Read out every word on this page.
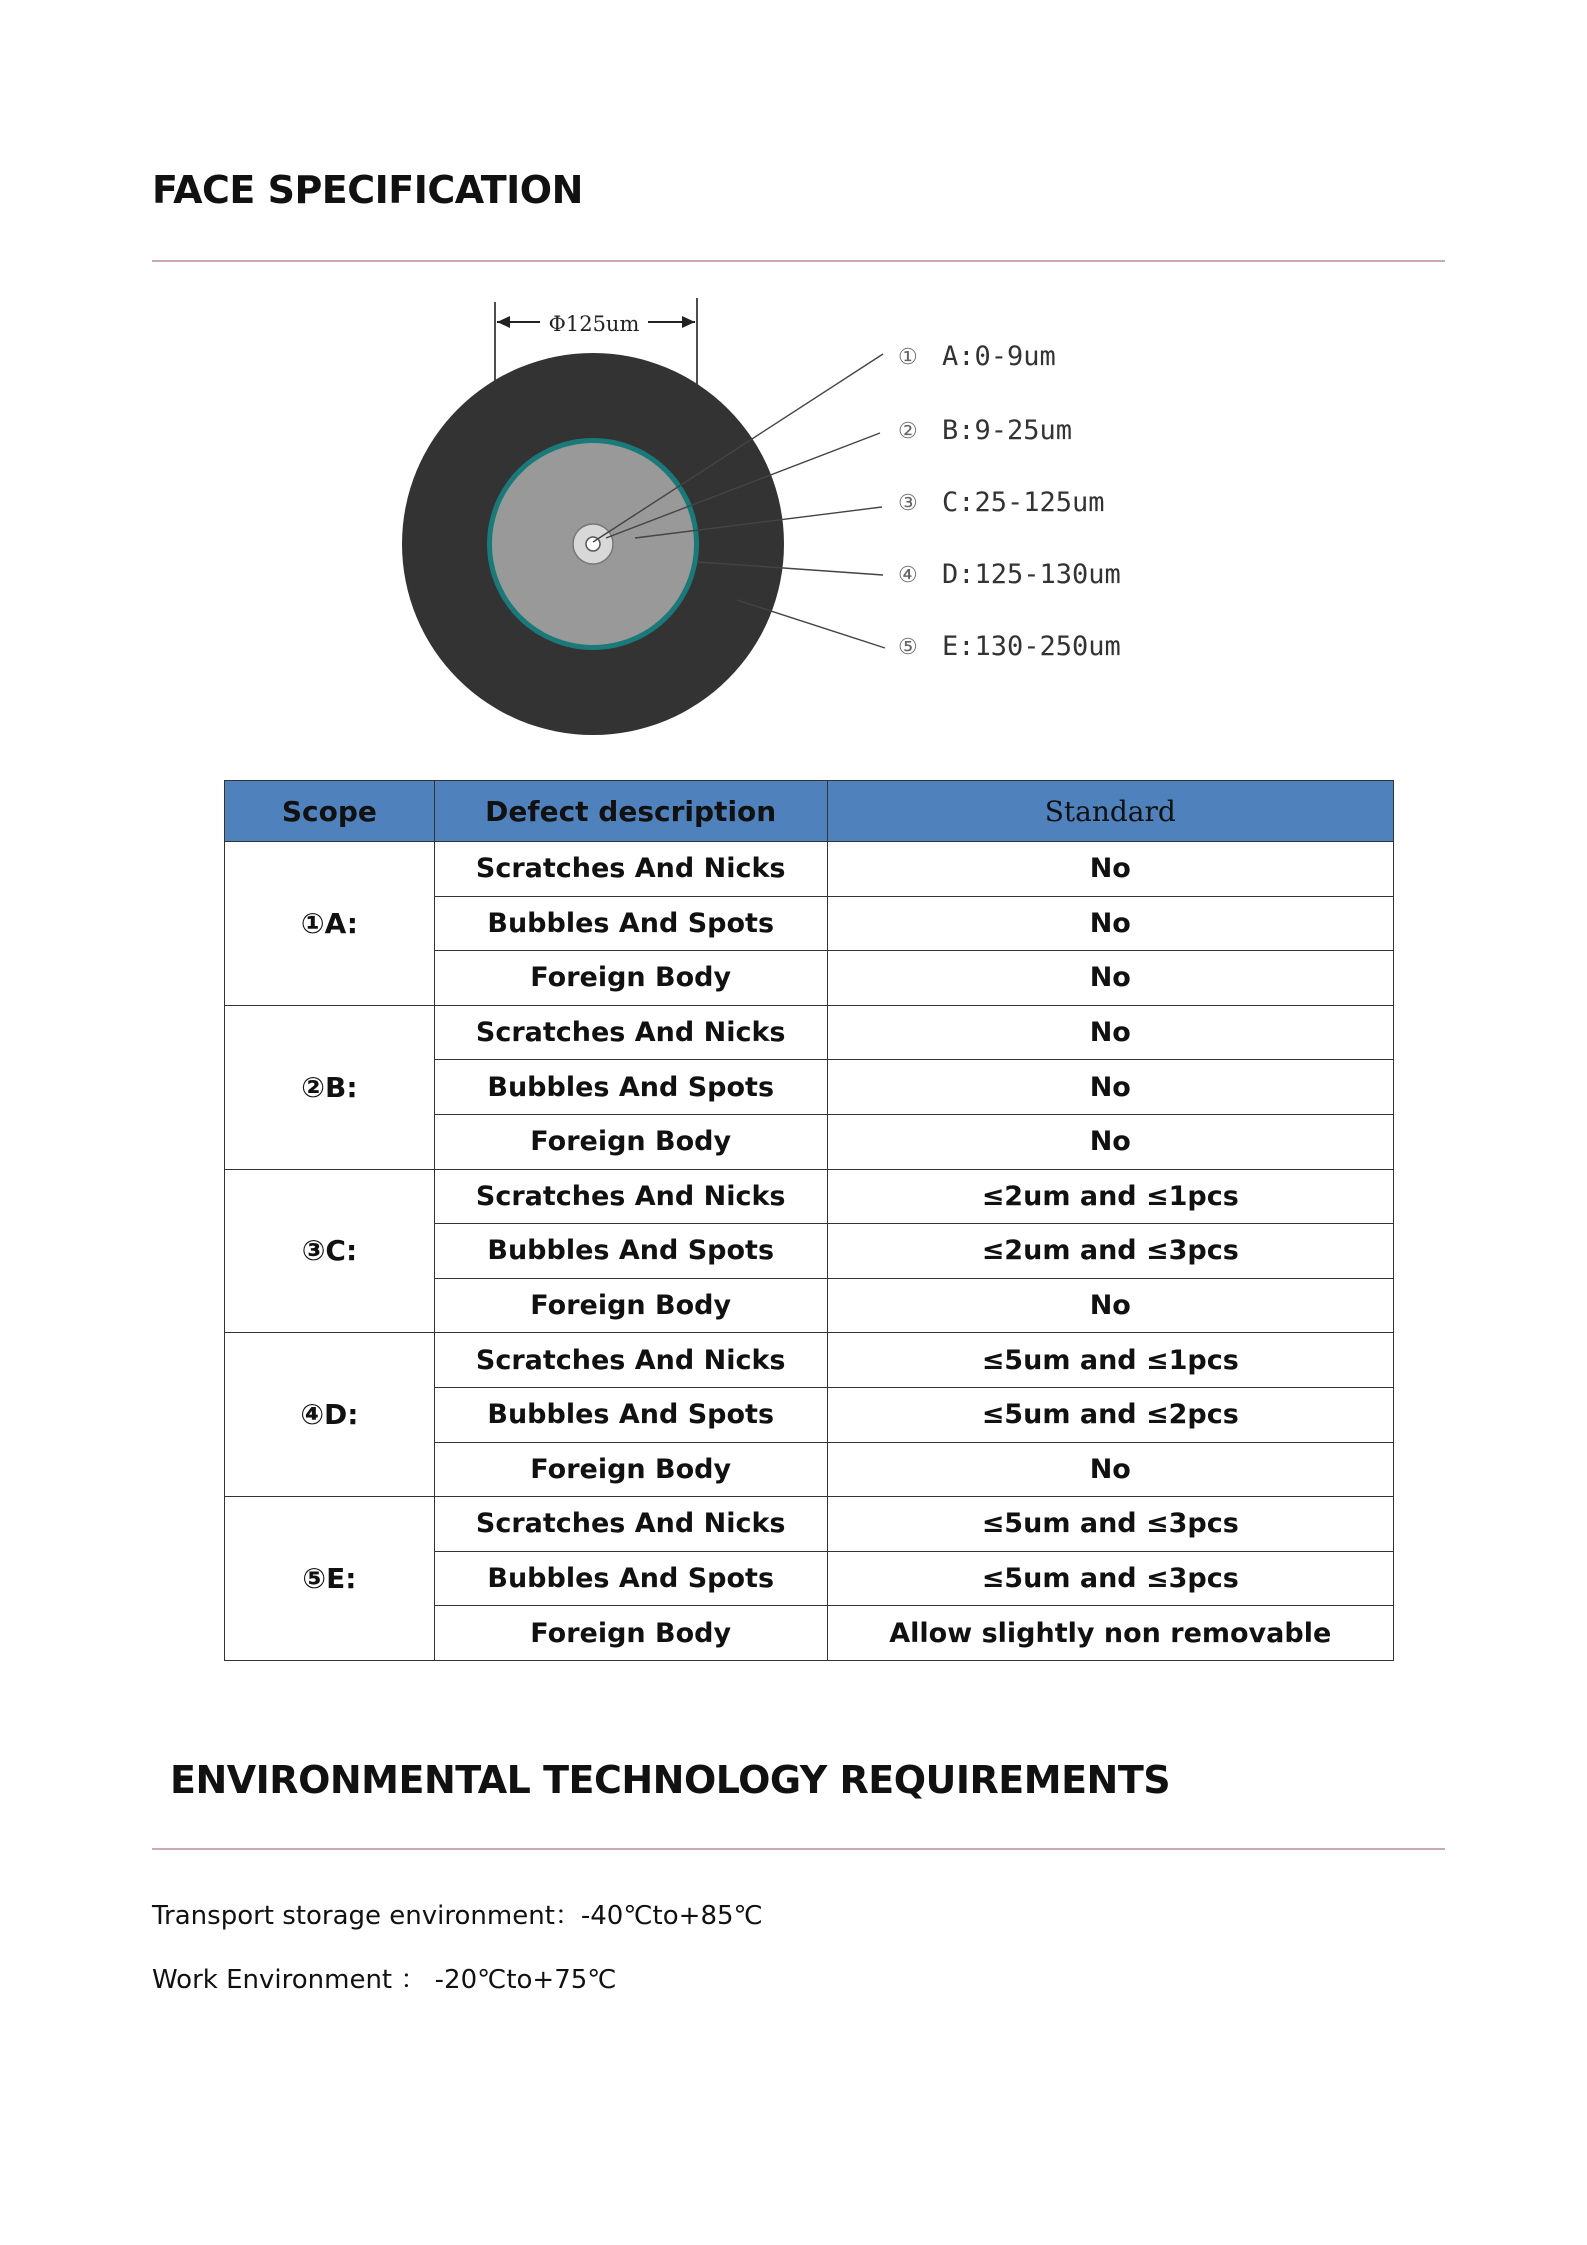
FACE SPECIFICATION
Φ125um
①
②
③
④
⑤
A:0-9um
B:9-25um
C:25-125um
D:125-130um
E:130-250um
Scope	Defect description	Standard
①A:	Scratches And Nicks	No
	Bubbles And Spots	No
	Foreign Body	No
②B:	Scratches And Nicks	No
	Bubbles And Spots	No
	Foreign Body	No
③C:	Scratches And Nicks	≤2um and ≤1pcs
	Bubbles And Spots	≤2um and ≤3pcs
	Foreign Body	No
④D:	Scratches And Nicks	≤5um and ≤1pcs
	Bubbles And Spots	≤5um and ≤2pcs
	Foreign Body	No
⑤E:	Scratches And Nicks	≤5um and ≤3pcs
	Bubbles And Spots	≤5um and ≤3pcs
	Foreign Body	Allow slightly non removable
ENVIRONMENTAL TECHNOLOGY REQUIREMENTS

Transport storage environment：-40℃to+85℃

Work Environment ： -20℃to+75℃
